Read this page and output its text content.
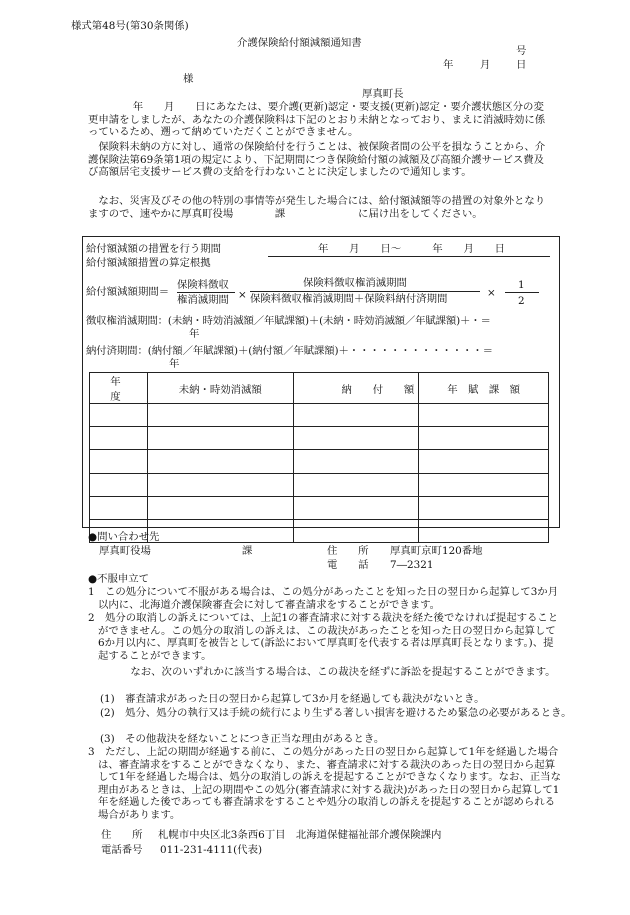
様式第48号(第30条関係)
介護保険給付額減額通知書
号
年	月 日
様
厚真町長
　　年　　月　　日にあなたは、要介護(更新)認定・要支援(更新)認定・要介護状態区分の変更申請をしましたが、あなたの介護保険料は下記のとおり未納となっており、まえに消滅時効に係っているため、遡って納めていただくことができません。
　保険料未納の方に対し、通常の保険給付を行うことは、被保険者間の公平を損なうことから、介護保険法第69条第1項の規定により、下記期間につき保険給付額の減額及び高額介護サービス費及び高額居宅支援サービス費の支給を行わないことに決定しましたので通知します。
　なお、災害及びその他の特別の事情等が発生した場合には、給付額減額等の措置の対象外となりますので、速やかに厚真町役場　　　　課　　　　　　　に届け出をしてください。
給付額減額の措置を行う期間	年　　月　　日～　　　年　　月　　日
給付額減額措置の算定根拠
給付額減額期間＝
保険料徴収
権消滅期間 ×
保険料徴収権消滅期間
保険料徴収権消滅期間＋保険料納付済期間	×
1
2
徴収権消滅期間：(未納・時効消滅額／年賦課額)＋(未納・時効消滅額／年賦課額)＋・＝
年
納付済期間：(納付額／年賦課額)＋(納付額／年賦課額)＋・・・・・・・・・・・・・＝
年
年　度	未納・時効消滅額	納　　付　　額	年　賦　課　額

●問い合わせ先
厚真町役場	課	住　　所 厚真町京町120番地
電　　話 7―2321
●不服申立て
1　この処分について不服がある場合は、この処分があったことを知った日の翌日から起算して3か月以内に、北海道介護保険審査会に対して審査請求をすることができます。
2　処分の取消しの訴えについては、上記1の審査請求に対する裁決を経た後でなければ提起することができません。この処分の取消しの訴えは、この裁決があったことを知った日の翌日から起算して6か月以内に、厚真町を被告として(訴訟において厚真町を代表する者は厚真町長となります。)、提起することができます。
　なお、次のいずれかに該当する場合は、この裁決を経ずに訴訟を提起することができます。
(1)　審査請求があった日の翌日から起算して3か月を経過しても裁決がないとき。
(2)　処分、処分の執行又は手続の続行により生ずる著しい損害を避けるため緊急の必要があるとき。
(3)　その他裁決を経ないことにつき正当な理由があるとき。
3　ただし、上記の期間が経過する前に、この処分があった日の翌日から起算して1年を経過した場合は、審査請求をすることができなくなり、また、審査請求に対する裁決のあった日の翌日から起算して1年を経過した場合は、処分の取消しの訴えを提起することができなくなります。なお、正当な理由があるときは、上記の期間やこの処分(審査請求に対する裁決)があった日の翌日から起算して1年を経過した後であっても審査請求をすることや処分の取消しの訴えを提起することが認められる場合があります。
住　　所 札幌市中央区北3条西6丁目　北海道保健福祉部介護保険課内
電話番号 011-231-4111(代表)
